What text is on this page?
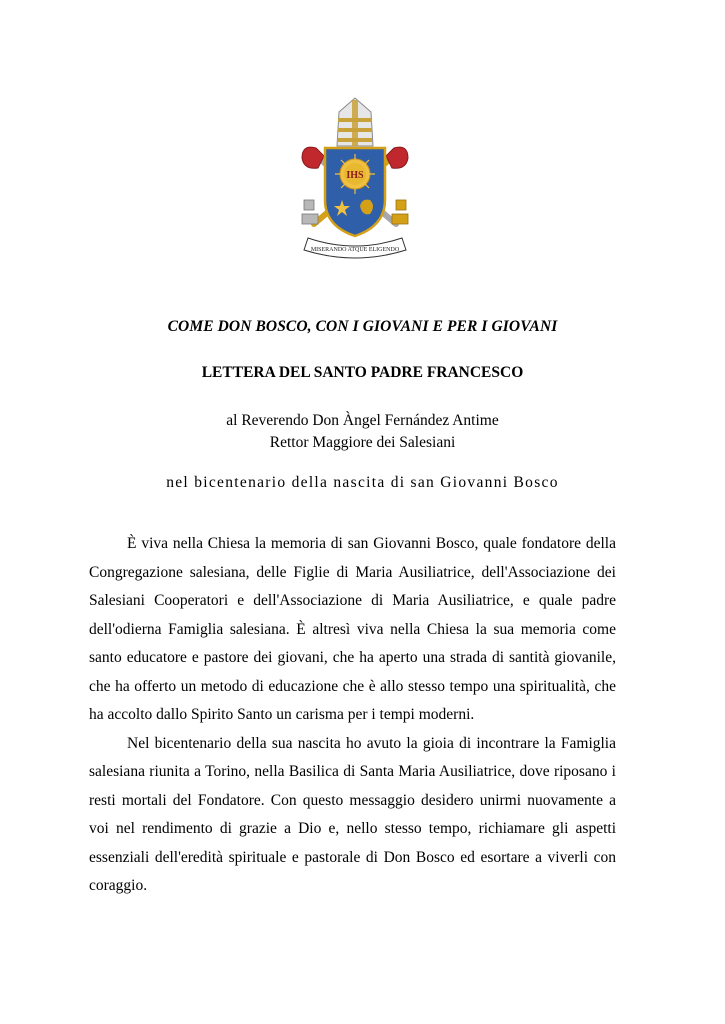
IHS
MISERANDO ATQUE ELIGENDO
COME DON BOSCO, CON I GIOVANI E PER I GIOVANI
LETTERA DEL SANTO PADRE FRANCESCO
al Reverendo Don Àngel Fernández Antime
Rettor Maggiore dei Salesiani
nel bicentenario della nascita di san Giovanni Bosco

È viva nella Chiesa la memoria di san Giovanni Bosco, quale fondatore della Congregazione salesiana, delle Figlie di Maria Ausiliatrice, dell'Associazione dei Salesiani Cooperatori e dell'Associazione di Maria Ausiliatrice, e quale padre dell'odierna Famiglia salesiana. È altresì viva nella Chiesa la sua memoria come santo educatore e pastore dei giovani, che ha aperto una strada di santità giovanile, che ha offerto un metodo di educazione che è allo stesso tempo una spiritualità, che ha accolto dallo Spirito Santo un carisma per i tempi moderni.

Nel bicentenario della sua nascita ho avuto la gioia di incontrare la Famiglia salesiana riunita a Torino, nella Basilica di Santa Maria Ausiliatrice, dove riposano i resti mortali del Fondatore. Con questo messaggio desidero unirmi nuovamente a voi nel rendimento di grazie a Dio e, nello stesso tempo, richiamare gli aspetti essenziali dell'eredità spirituale e pastorale di Don Bosco ed esortare a viverli con coraggio.
